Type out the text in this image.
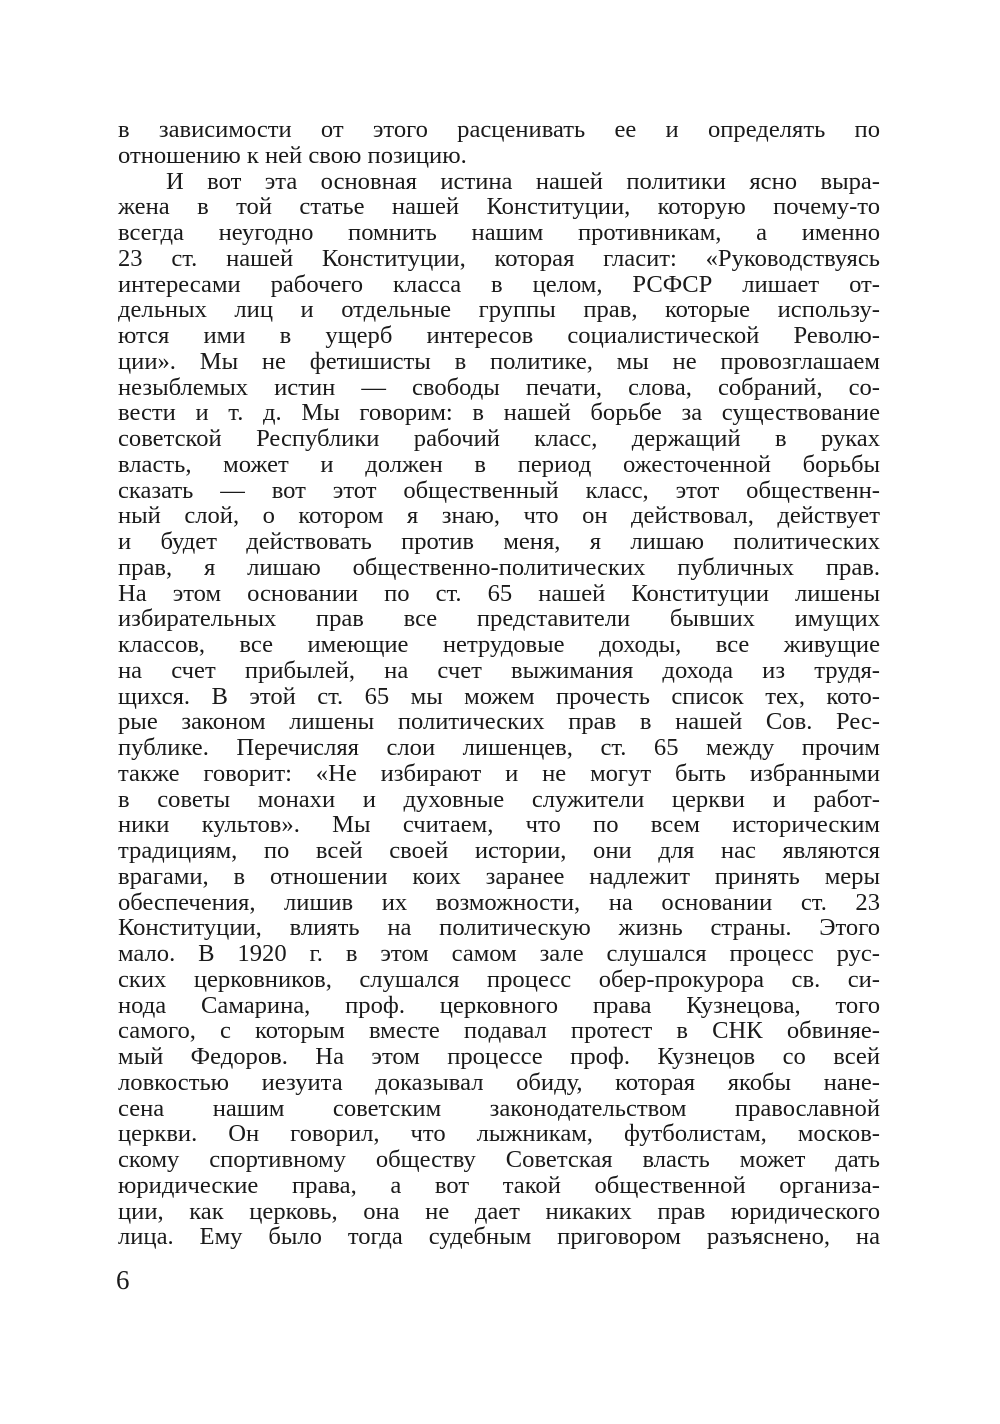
в зависимости от этого расценивать ее и определять по
отношению к ней свою позицию.
И вот эта основная истина нашей политики ясно выра-
жена в той статье нашей Конституции, которую почему-то
всегда неугодно помнить нашим противникам, а именно
23 ст. нашей Конституции, которая гласит: «Руководствуясь
интересами рабочего класса в целом, РСФСР лишает от-
дельных лиц и отдельные группы прав, которые использу-
ются ими в ущерб интересов социалистической Револю-
ции». Мы не фетишисты в политике, мы не провозглашаем
незыблемых истин — свободы печати, слова, собраний, со-
вести и т. д. Мы говорим: в нашей борьбе за существование
советской Республики рабочий класс, держащий в руках
власть, может и должен в период ожесточенной борьбы
сказать — вот этот общественный класс, этот общественн-
ный слой, о котором я знаю, что он действовал, действует
и будет действовать против меня, я лишаю политических
прав, я лишаю общественно-политических публичных прав.
На этом основании по ст. 65 нашей Конституции лишены
избирательных прав все представители бывших имущих
классов, все имеющие нетрудовые доходы, все живущие
на счет прибылей, на счет выжимания дохода из трудя-
щихся. В этой ст. 65 мы можем прочесть список тех, кото-
рые законом лишены политических прав в нашей Сов. Рес-
публике. Перечисляя слои лишенцев, ст. 65 между прочим
также говорит: «Не избирают и не могут быть избранными
в советы монахи и духовные служители церкви и работ-
ники культов». Мы считаем, что по всем историческим
традициям, по всей своей истории, они для нас являются
врагами, в отношении коих заранее надлежит принять меры
обеспечения, лишив их возможности, на основании ст. 23
Конституции, влиять на политическую жизнь страны. Этого
мало. В 1920 г. в этом самом зале слушался процесс рус-
ских церковников, слушался процесс обер-прокурора св. си-
нода Самарина, проф. церковного права Кузнецова, того
самого, с которым вместе подавал протест в СНК обвиняе-
мый Федоров. На этом процессе проф. Кузнецов со всей
ловкостью иезуита доказывал обиду, которая якобы нане-
сена нашим советским законодательством православной
церкви. Он говорил, что лыжникам, футболистам, москов-
скому спортивному обществу Советская власть может дать
юридические права, а вот такой общественной организа-
ции, как церковь, она не дает никаких прав юридического
лица. Ему было тогда судебным приговором разъяснено, на
6
